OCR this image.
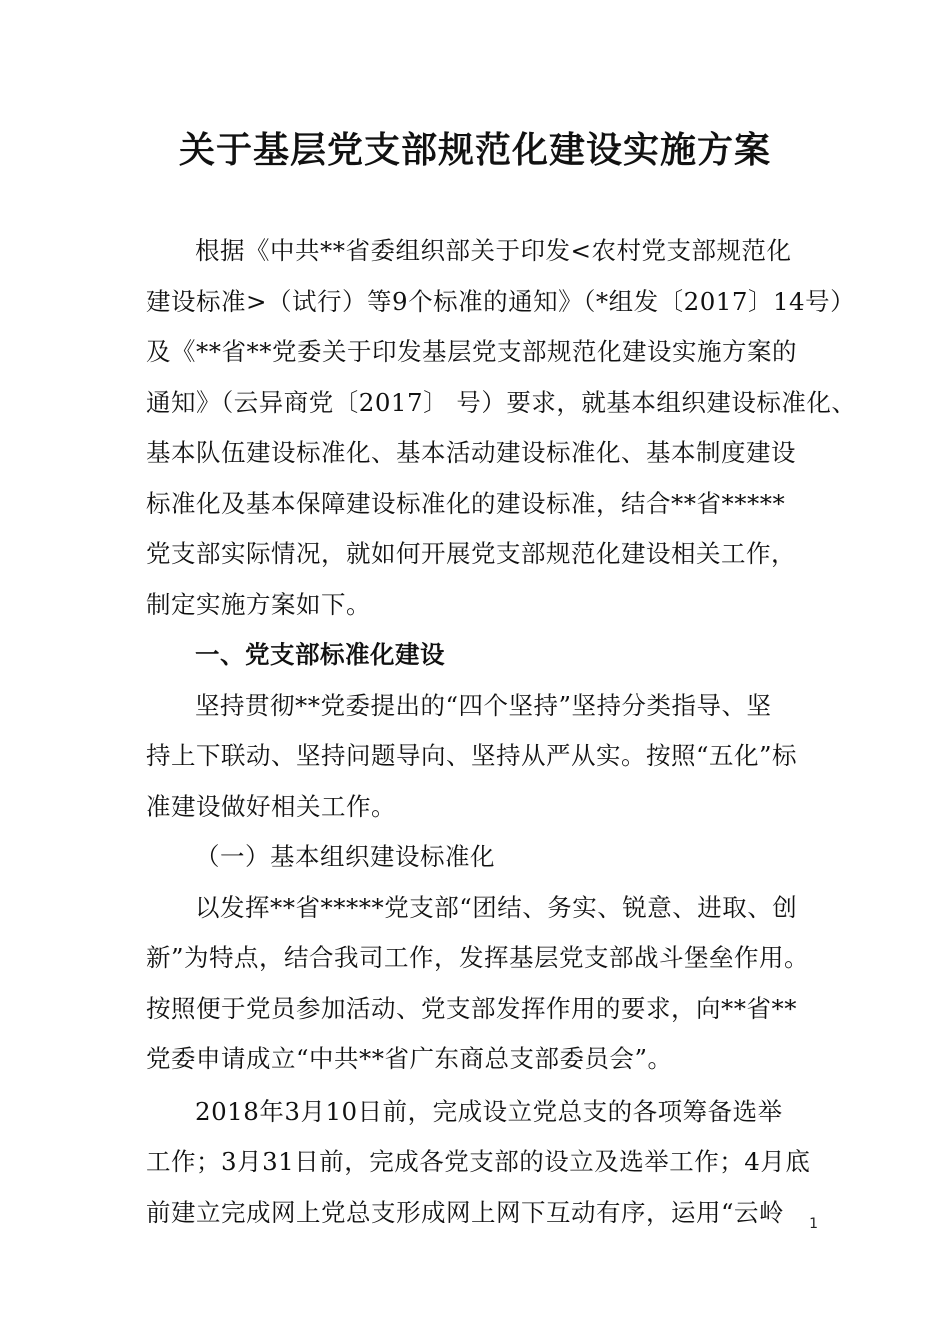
关于基层党支部规范化建设实施方案

根据《中共**省委组织部关于印发<农村党支部规范化
建设标准>（试行）等9个标准的通知》（*组发〔2017〕14号）
及《**省**党委关于印发基层党支部规范化建设实施方案的
通知》（云异商党〔2017〕 号）要求，就基本组织建设标准化、
基本队伍建设标准化、基本活动建设标准化、基本制度建设
标准化及基本保障建设标准化的建设标准，结合**省*****
党支部实际情况，就如何开展党支部规范化建设相关工作，
制定实施方案如下。

一、党支部标准化建设

坚持贯彻**党委提出的“四个坚持”坚持分类指导、坚
持上下联动、坚持问题导向、坚持从严从实。按照“五化”标
准建设做好相关工作。

（一）基本组织建设标准化

以发挥**省*****党支部“团结、务实、锐意、进取、创
新”为特点，结合我司工作，发挥基层党支部战斗堡垒作用。
按照便于党员参加活动、党支部发挥作用的要求，向**省**
党委申请成立“中共**省广东商总支部委员会”。

2018年3月10日前，完成设立党总支的各项筹备选举
工作；3月31日前，完成各党支部的设立及选举工作；4月底
前建立完成网上党总支形成网上网下互动有序，运用“云岭	1
